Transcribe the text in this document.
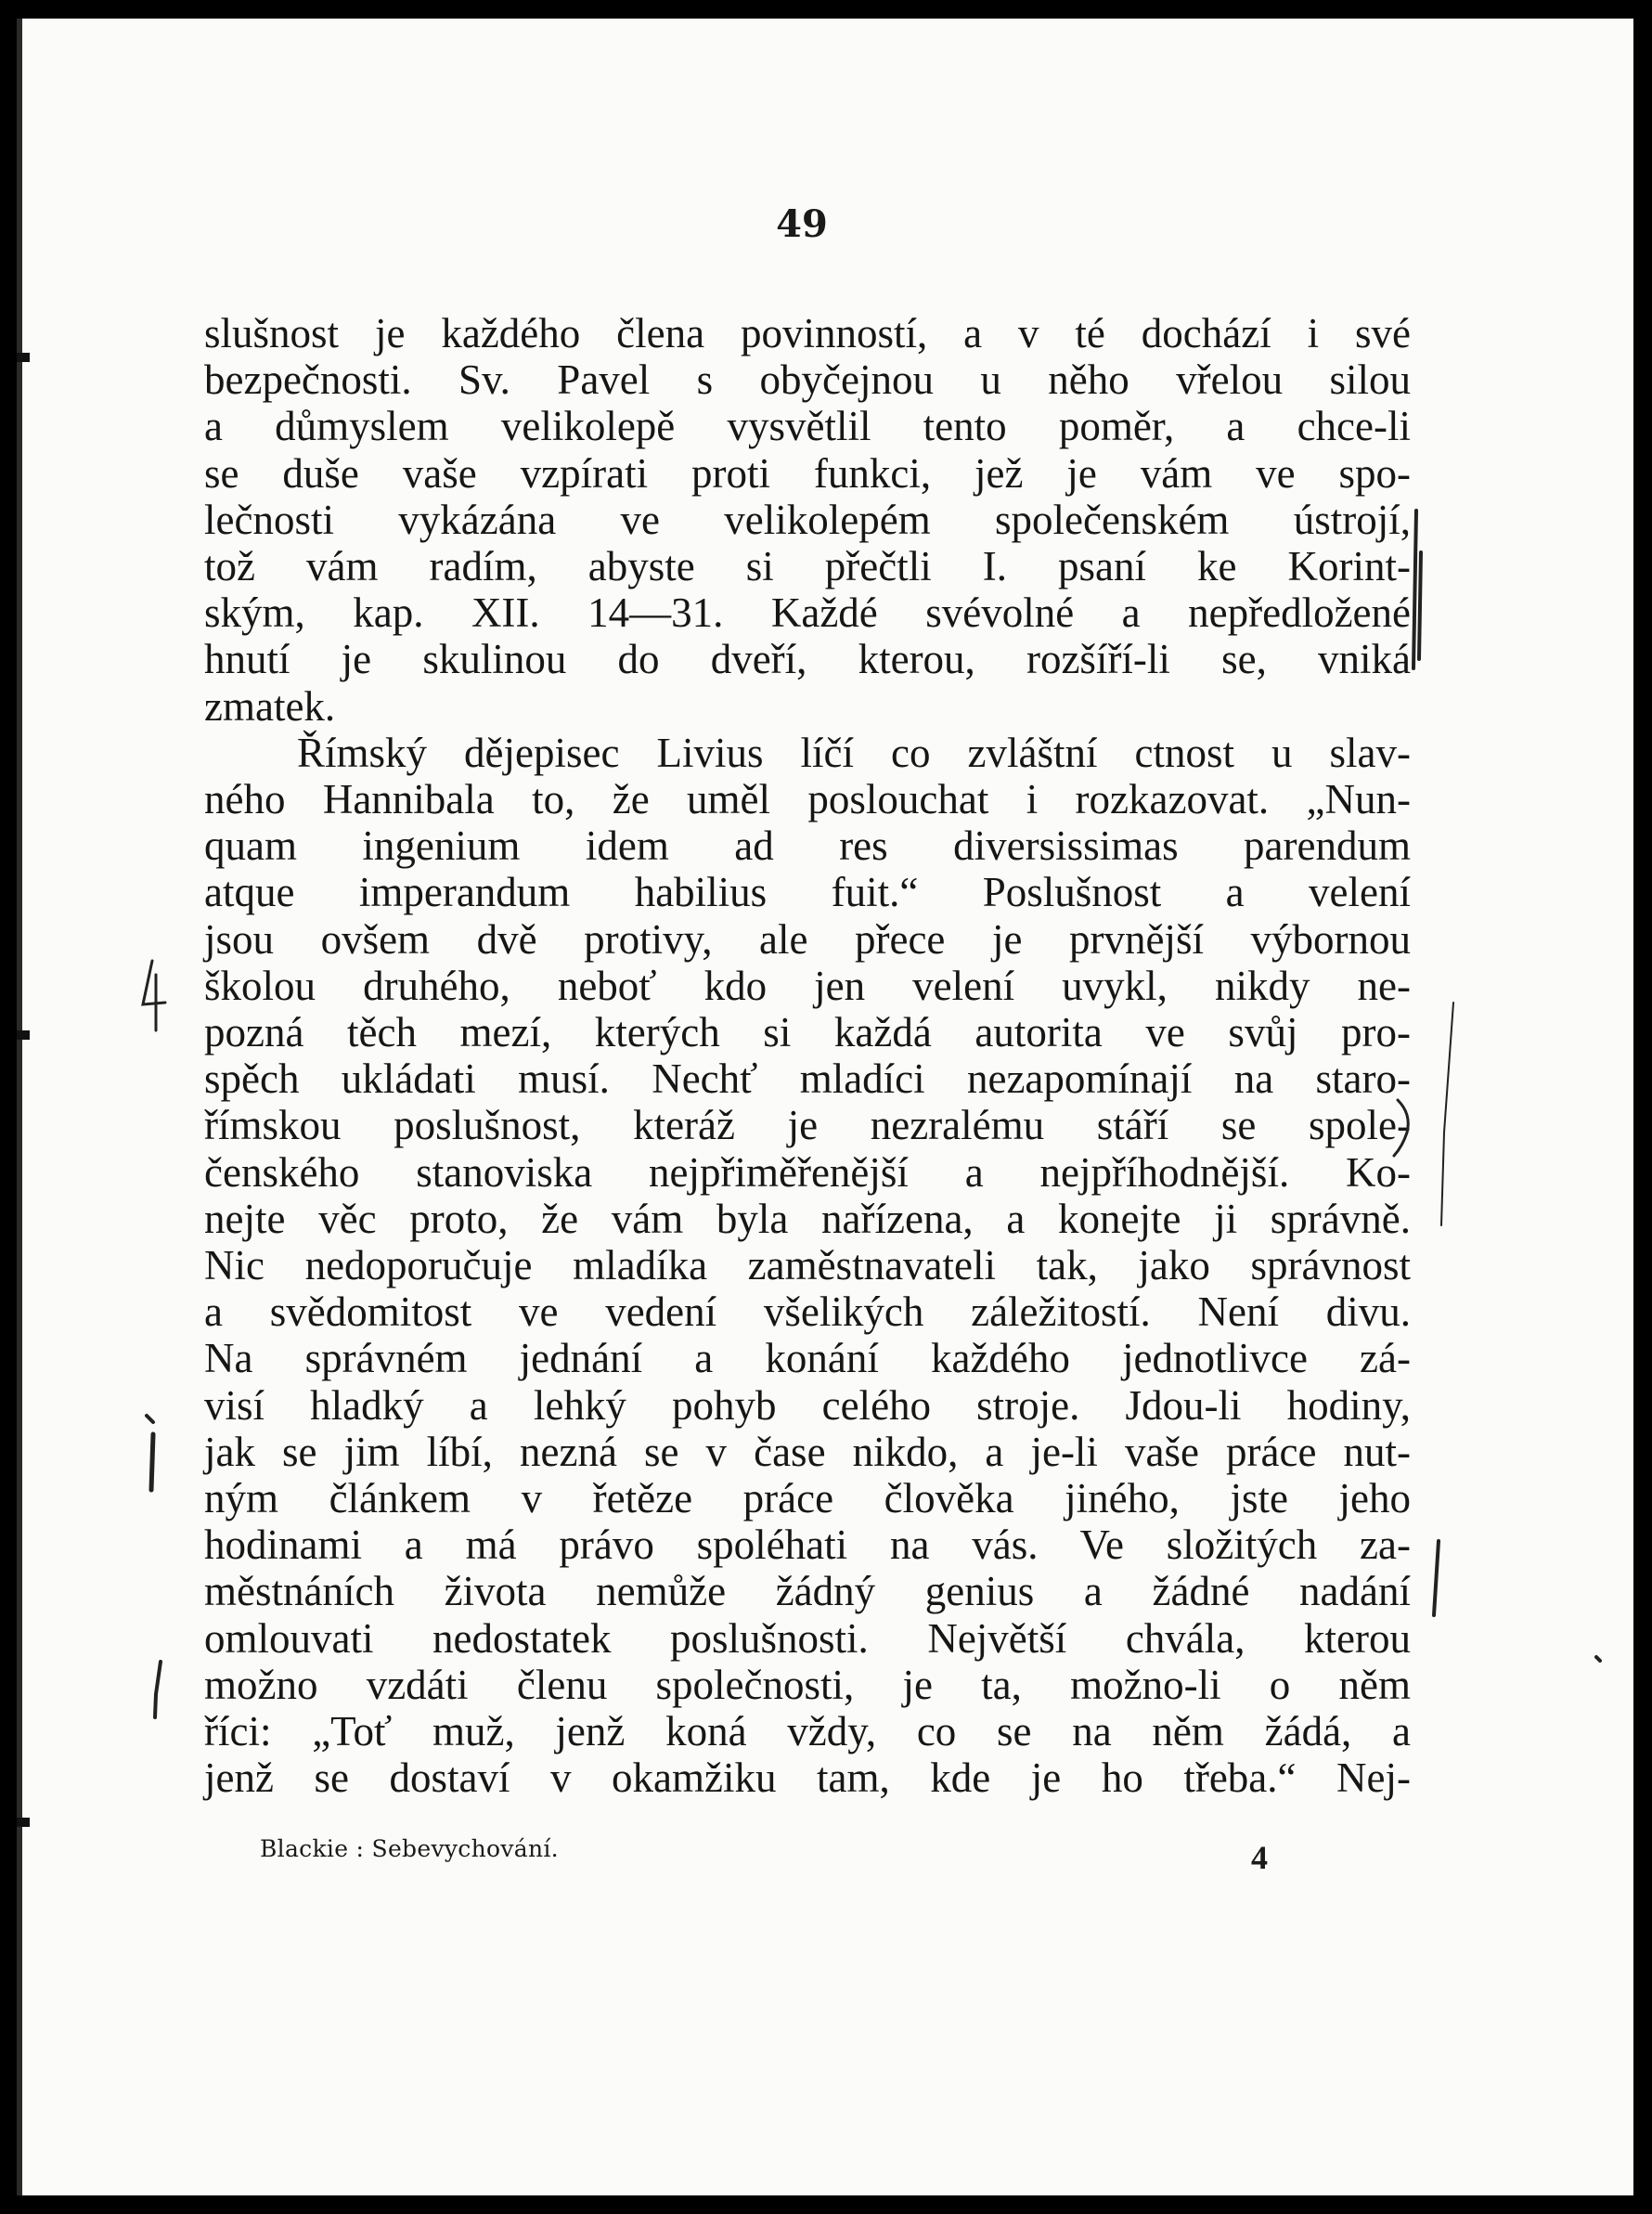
49
slušnost je každého člena povinností, a v té dochází i své
bezpečnosti. Sv. Pavel s obyčejnou u něho vřelou silou
a důmyslem velikolepě vysvětlil tento poměr, a chce-li
se duše vaše vzpírati proti funkci, jež je vám ve spo-
lečnosti vykázána ve velikolepém společenském ústrojí,
tož vám radím, abyste si přečtli I. psaní ke Korint-
ským, kap. XII. 14—31. Každé svévolné a nepředložené
hnutí je skulinou do dveří, kterou, rozšíří-li se, vniká
zmatek.
Římský dějepisec Livius líčí co zvláštní ctnost u slav-
ného Hannibala to, že uměl poslouchat i rozkazovat. „Nun-
quam ingenium idem ad res diversissimas parendum
atque imperandum habilius fuit.“ Poslušnost a velení
jsou ovšem dvě protivy, ale přece je prvnější výbornou
školou druhého, neboť kdo jen velení uvykl, nikdy ne-
pozná těch mezí, kterých si každá autorita ve svůj pro-
spěch ukládati musí. Nechť mladíci nezapomínají na staro-
římskou poslušnost, kteráž je nezralému stáří se spole-
čenského stanoviska nejpřiměřenější a nejpříhodnější. Ko-
nejte věc proto, že vám byla nařízena, a konejte ji správně.
Nic nedoporučuje mladíka zaměstnavateli tak, jako správnost
a svědomitost ve vedení všelikých záležitostí. Není divu.
Na správném jednání a konání každého jednotlivce zá-
visí hladký a lehký pohyb celého stroje. Jdou-li hodiny,
jak se jim líbí, nezná se v čase nikdo, a je-li vaše práce nut-
ným článkem v řetěze práce člověka jiného, jste jeho
hodinami a má právo spoléhati na vás. Ve složitých za-
městnáních života nemůže žádný genius a žádné nadání
omlouvati nedostatek poslušnosti. Největší chvála, kterou
možno vzdáti členu společnosti, je ta, možno-li o něm
říci: „Toť muž, jenž koná vždy, co se na něm žádá, a
jenž se dostaví v okamžiku tam, kde je ho třeba.“ Nej-
Blackie : Sebevychování.	4
